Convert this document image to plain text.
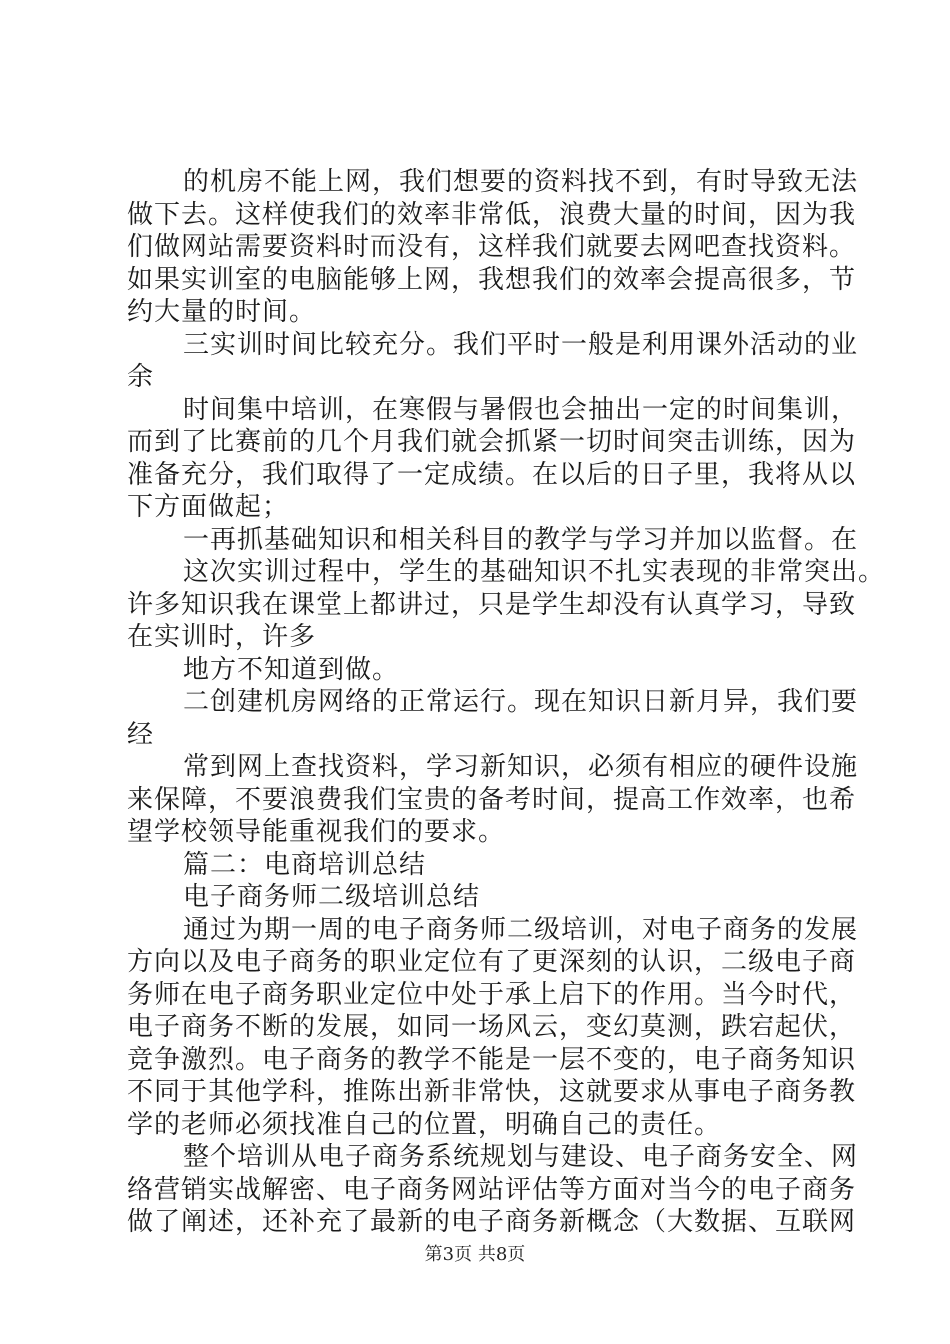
的机房不能上网，我们想要的资料找不到，有时导致无法
做下去。这样使我们的效率非常低，浪费大量的时间，因为我
们做网站需要资料时而没有，这样我们就要去网吧查找资料。
如果实训室的电脑能够上网，我想我们的效率会提高很多，节
约大量的时间。
三实训时间比较充分。我们平时一般是利用课外活动的业
余
时间集中培训，在寒假与暑假也会抽出一定的时间集训，
而到了比赛前的几个月我们就会抓紧一切时间突击训练，因为
准备充分，我们取得了一定成绩。在以后的日子里，我将从以
下方面做起；
一再抓基础知识和相关科目的教学与学习并加以监督。在
这次实训过程中，学生的基础知识不扎实表现的非常突出。
许多知识我在课堂上都讲过，只是学生却没有认真学习，导致
在实训时，许多
地方不知道到做。
二创建机房网络的正常运行。现在知识日新月异，我们要
经
常到网上查找资料，学习新知识，必须有相应的硬件设施
来保障，不要浪费我们宝贵的备考时间，提高工作效率，也希
望学校领导能重视我们的要求。
篇二：电商培训总结
电子商务师二级培训总结
通过为期一周的电子商务师二级培训，对电子商务的发展
方向以及电子商务的职业定位有了更深刻的认识，二级电子商
务师在电子商务职业定位中处于承上启下的作用。当今时代，
电子商务不断的发展，如同一场风云，变幻莫测，跌宕起伏，
竞争激烈。电子商务的教学不能是一层不变的，电子商务知识
不同于其他学科，推陈出新非常快，这就要求从事电子商务教
学的老师必须找准自己的位置，明确自己的责任。
整个培训从电子商务系统规划与建设、电子商务安全、网
络营销实战解密、电子商务网站评估等方面对当今的电子商务
做了阐述，还补充了最新的电子商务新概念（大数据、互联网
第3页 共8页
